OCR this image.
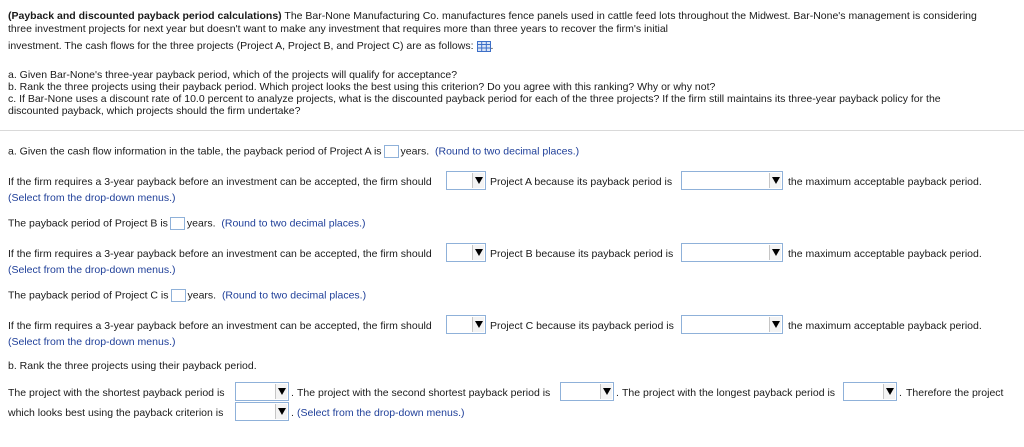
(Payback and discounted payback period calculations) The Bar-None Manufacturing Co. manufactures fence panels used in cattle feed lots throughout the Midwest. Bar-None's management is considering
three investment projects for next year but doesn't want to make any investment that requires more than three years to recover the firm's initial
investment. The cash flows for the three projects (Project A, Project B, and Project C) are as follows: .
a. Given Bar-None's three-year payback period, which of the projects will qualify for acceptance?
b. Rank the three projects using their payback period. Which project looks the best using this criterion? Do you agree with this ranking? Why or why not?
c. If Bar-None uses a discount rate of 10.0 percent to analyze projects, what is the discounted payback period for each of the three projects? If the firm still maintains its three-year payback policy for the
discounted payback, which projects should the firm undertake?
a. Given the cash flow information in the table, the payback period of Project A is years. (Round to two decimal places.)
If the firm requires a 3-year payback before an investment can be accepted, the firm should	Project A because its payback period is	the maximum acceptable payback period.
(Select from the drop-down menus.)
The payback period of Project B is years. (Round to two decimal places.)
If the firm requires a 3-year payback before an investment can be accepted, the firm should	Project B because its payback period is	the maximum acceptable payback period.
(Select from the drop-down menus.)
The payback period of Project C is years. (Round to two decimal places.)
If the firm requires a 3-year payback before an investment can be accepted, the firm should	Project C because its payback period is	the maximum acceptable payback period.
(Select from the drop-down menus.)
b. Rank the three projects using their payback period.
The project with the shortest payback period is	. The project with the second shortest payback period is	. The project with the longest payback period is	. Therefore the project
which looks best using the payback criterion is	. (Select from the drop-down menus.)
